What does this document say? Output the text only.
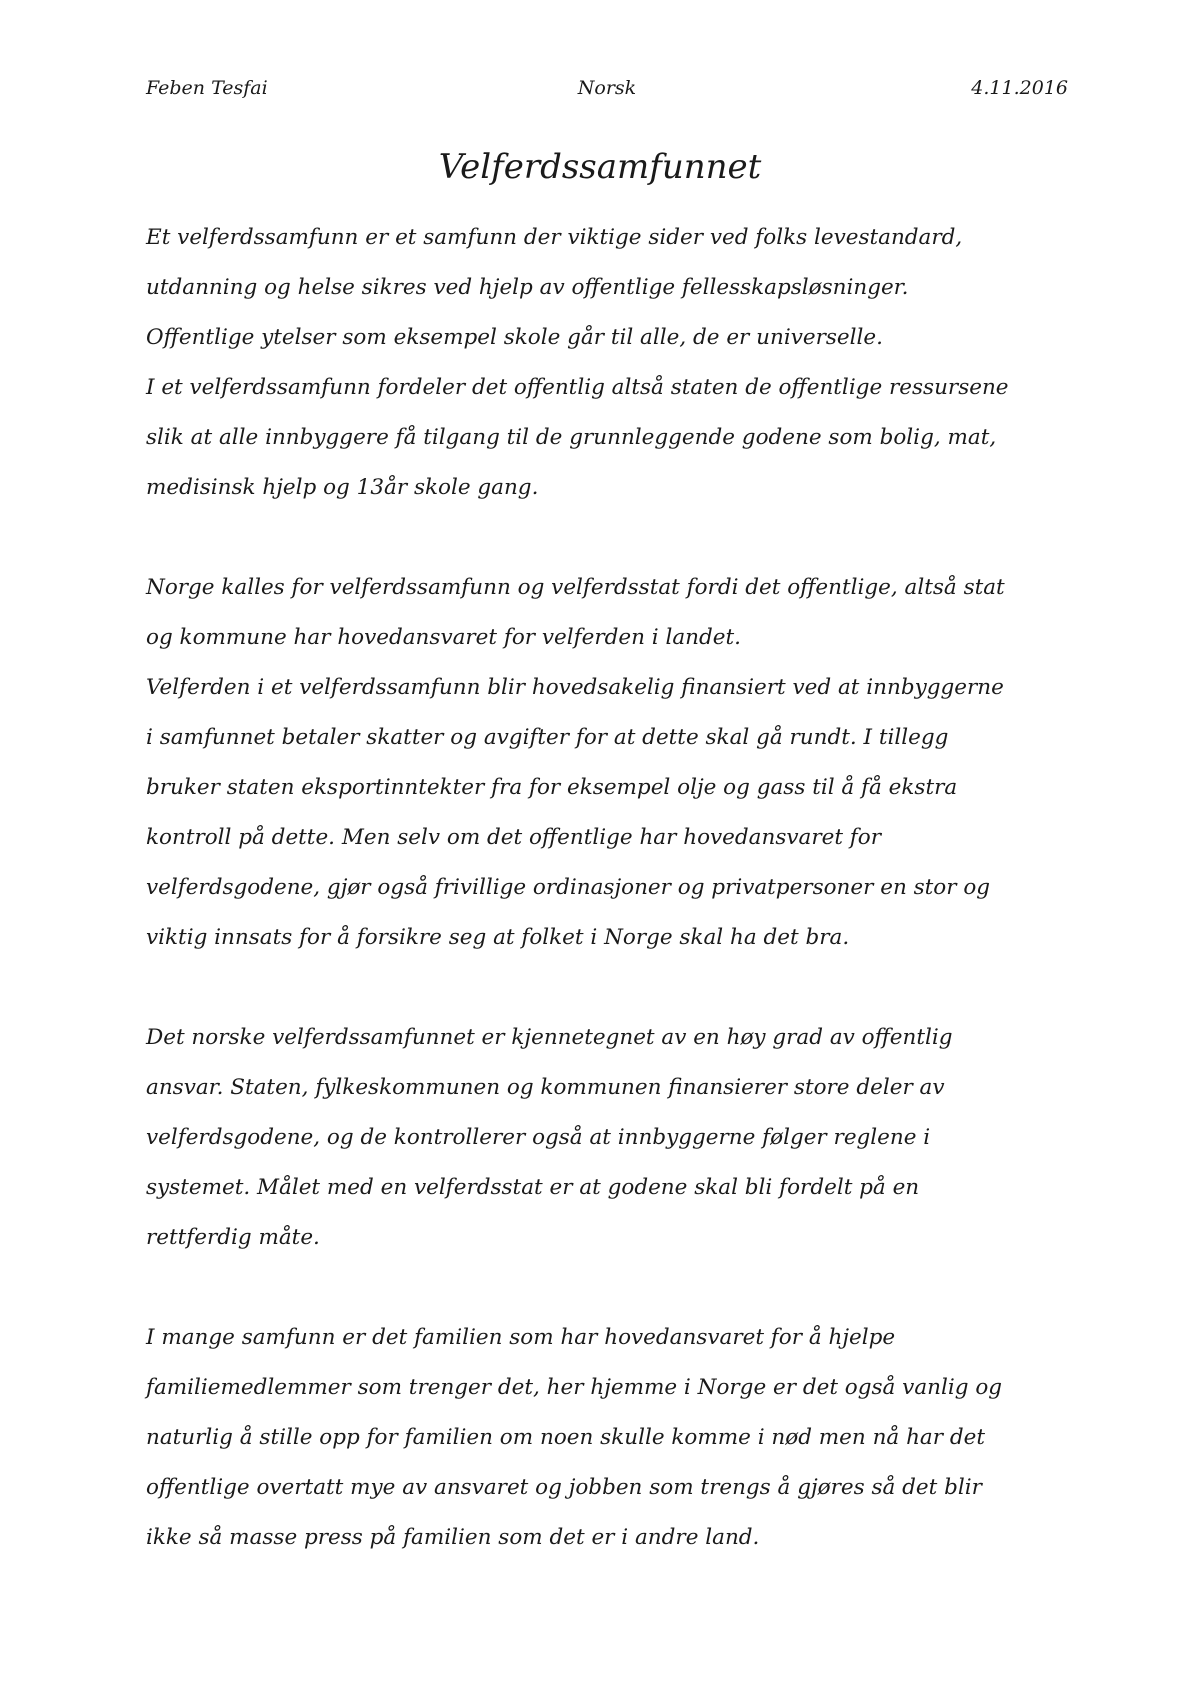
Norsk
Feben Tesfai	4.11.2016
Velferdssamfunnet
Et velferdssamfunn er et samfunn der viktige sider ved folks levestandard,
utdanning og helse sikres ved hjelp av offentlige fellesskapsløsninger.
Offentlige ytelser som eksempel skole går til alle, de er universelle.
I et velferdssamfunn fordeler det offentlig altså staten de offentlige ressursene
slik at alle innbyggere få tilgang til de grunnleggende godene som bolig, mat,
medisinsk hjelp og 13år skole gang.
Norge kalles for velferdssamfunn og velferdsstat fordi det offentlige, altså stat
og kommune har hovedansvaret for velferden i landet.
Velferden i et velferdssamfunn blir hovedsakelig finansiert ved at innbyggerne
i samfunnet betaler skatter og avgifter for at dette skal gå rundt. I tillegg
bruker staten eksportinntekter fra for eksempel olje og gass til å få ekstra
kontroll på dette. Men selv om det offentlige har hovedansvaret for
velferdsgodene, gjør også frivillige ordinasjoner og privatpersoner en stor og
viktig innsats for å forsikre seg at folket i Norge skal ha det bra.
Det norske velferdssamfunnet er kjennetegnet av en høy grad av offentlig
ansvar. Staten, fylkeskommunen og kommunen finansierer store deler av
velferdsgodene, og de kontrollerer også at innbyggerne følger reglene i
systemet. Målet med en velferdsstat er at godene skal bli fordelt på en
rettferdig måte.
I mange samfunn er det familien som har hovedansvaret for å hjelpe
familiemedlemmer som trenger det, her hjemme i Norge er det også vanlig og
naturlig å stille opp for familien om noen skulle komme i nød men nå har det
offentlige overtatt mye av ansvaret og jobben som trengs å gjøres så det blir
ikke så masse press på familien som det er i andre land.
